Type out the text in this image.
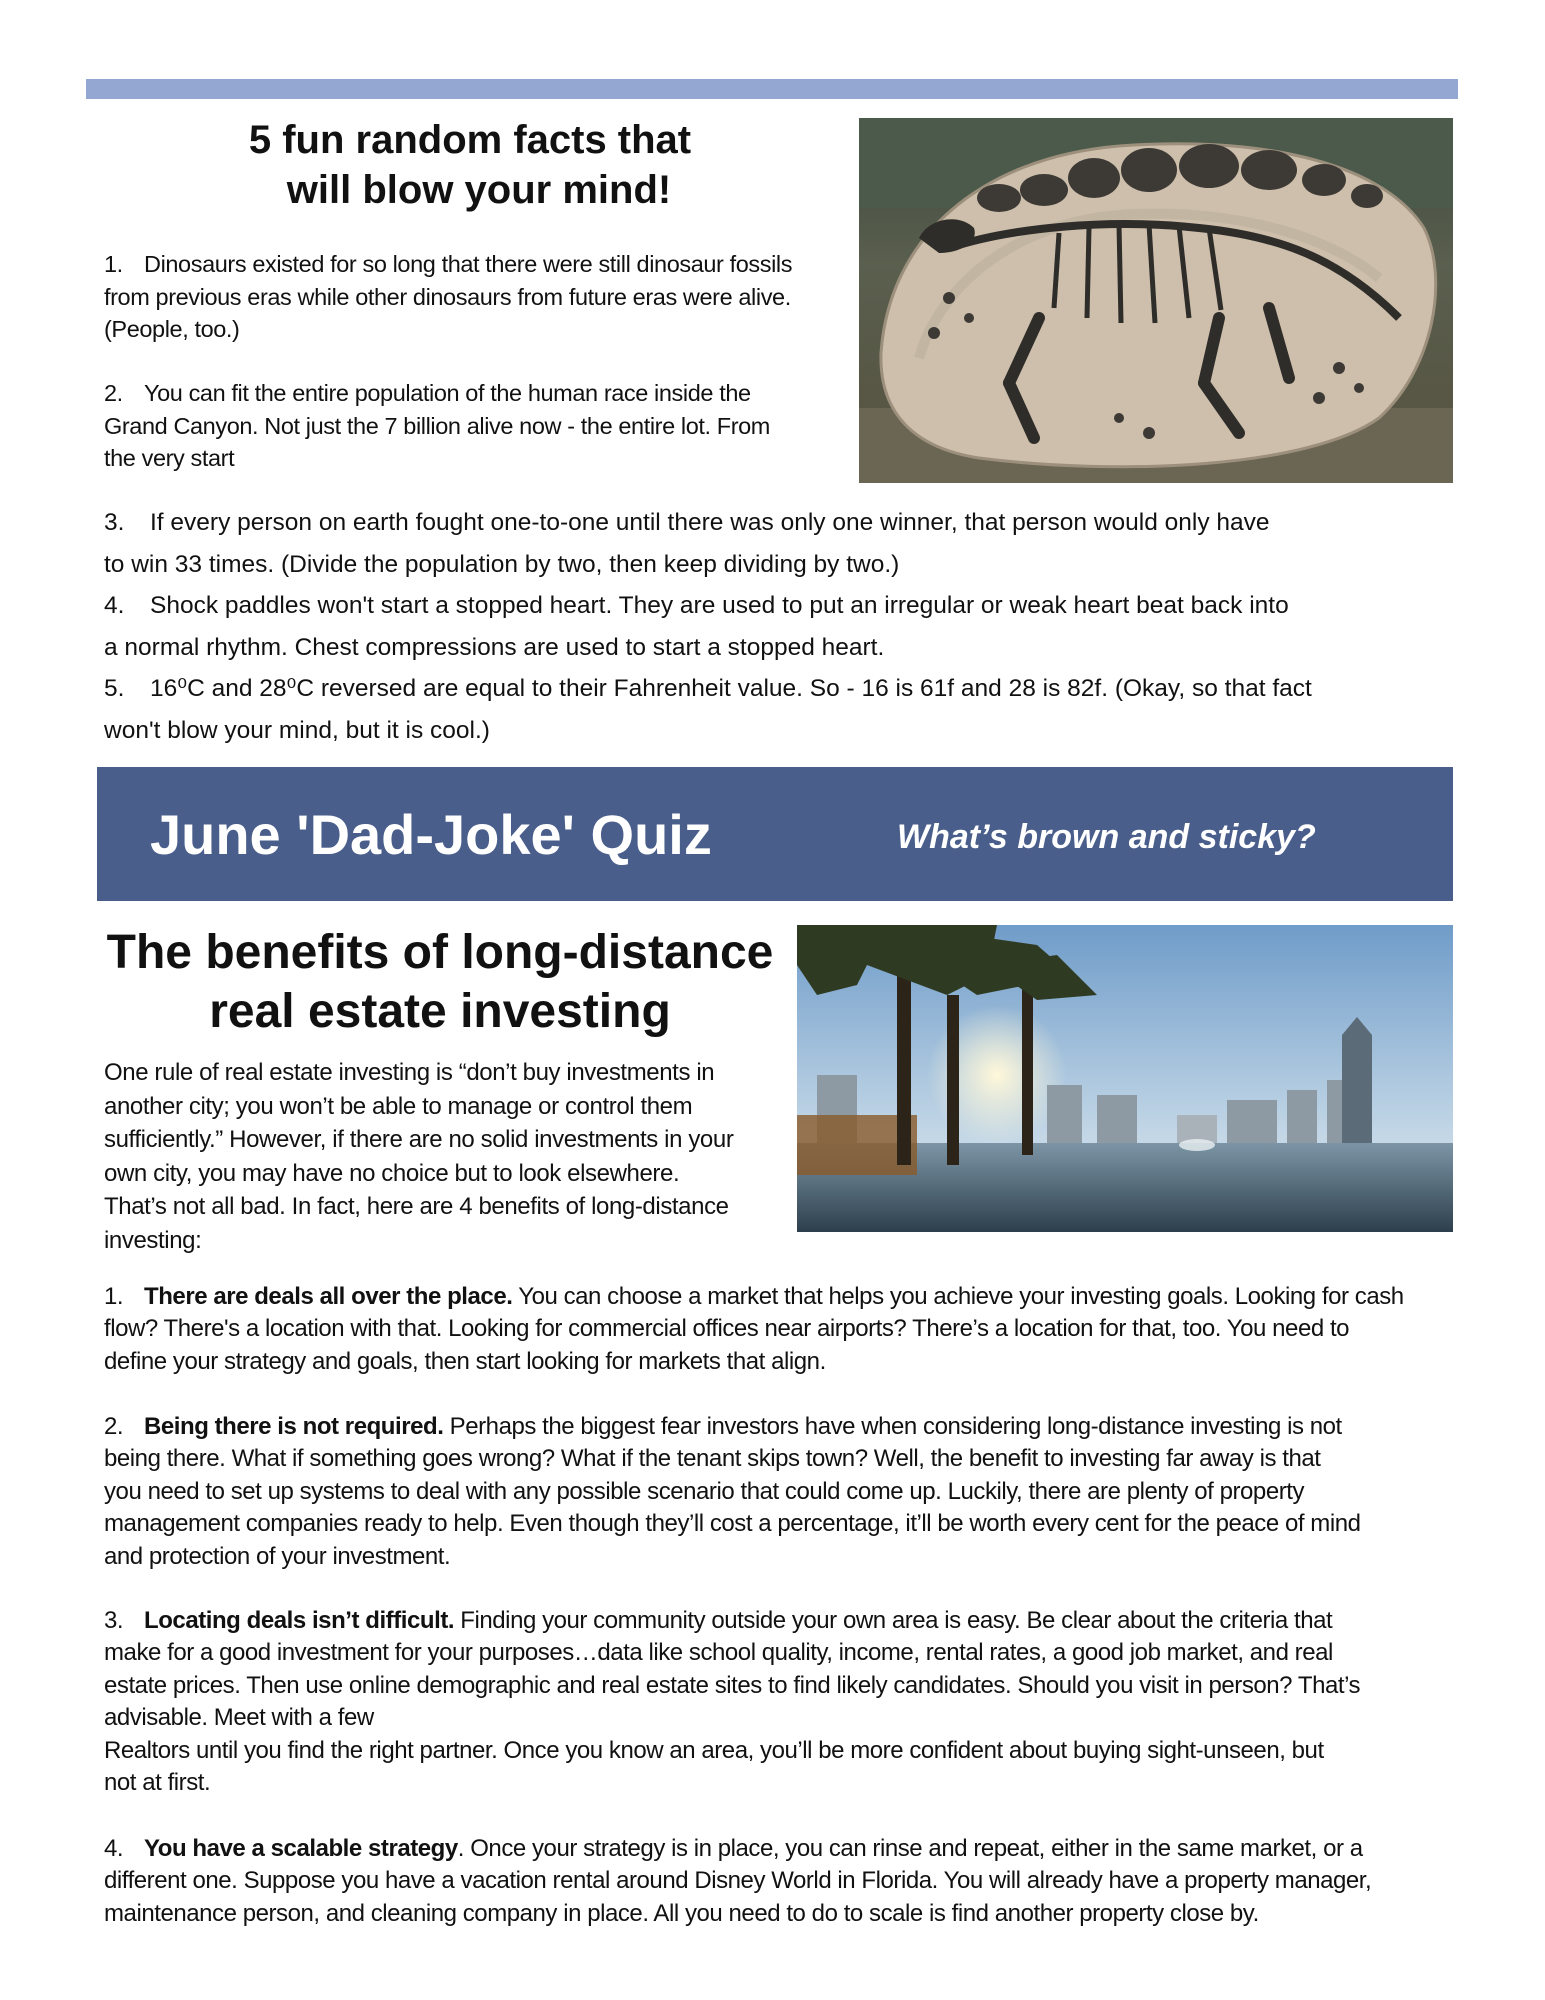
5 fun random facts that
will blow your mind!
1. Dinosaurs existed for so long that there were still dinosaur fossils
from previous eras while other dinosaurs from future eras were alive.
(People, too.)
2. You can fit the entire population of the human race inside the
Grand Canyon. Not just the 7 billion alive now - the entire lot. From
the very start
3. If every person on earth fought one-to-one until there was only one winner, that person would only have
to win 33 times. (Divide the population by two, then keep dividing by two.)
4. Shock paddles won't start a stopped heart. They are used to put an irregular or weak heart beat back into
a normal rhythm. Chest compressions are used to start a stopped heart.
5. 16⁰C and 28⁰C reversed are equal to their Fahrenheit value. So - 16 is 61f and 28 is 82f. (Okay, so that fact
won't blow your mind, but it is cool.)
June 'Dad-Joke' Quiz	What’s brown and sticky?
The benefits of long-distance
real estate investing
One rule of real estate investing is “don’t buy investments in
another city; you won’t be able to manage or control them
sufficiently.” However, if there are no solid investments in your
own city, you may have no choice but to look elsewhere.
That’s not all bad. In fact, here are 4 benefits of long-distance
investing:
1. There are deals all over the place. You can choose a market that helps you achieve your investing goals. Looking for cash
flow? There's a location with that. Looking for commercial offices near airports? There’s a location for that, too. You need to
define your strategy and goals, then start looking for markets that align.
2. Being there is not required. Perhaps the biggest fear investors have when considering long-distance investing is not
being there. What if something goes wrong? What if the tenant skips town? Well, the benefit to investing far away is that
you need to set up systems to deal with any possible scenario that could come up. Luckily, there are plenty of property
management companies ready to help. Even though they’ll cost a percentage, it’ll be worth every cent for the peace of mind
and protection of your investment.
3. Locating deals isn’t difficult. Finding your community outside your own area is easy. Be clear about the criteria that
make for a good investment for your purposes…data like school quality, income, rental rates, a good job market, and real
estate prices. Then use online demographic and real estate sites to find likely candidates. Should you visit in person? That’s
advisable. Meet with a few
Realtors until you find the right partner. Once you know an area, you’ll be more confident about buying sight-unseen, but
not at first.
4. You have a scalable strategy. Once your strategy is in place, you can rinse and repeat, either in the same market, or a
different one. Suppose you have a vacation rental around Disney World in Florida. You will already have a property manager,
maintenance person, and cleaning company in place. All you need to do to scale is find another property close by.
